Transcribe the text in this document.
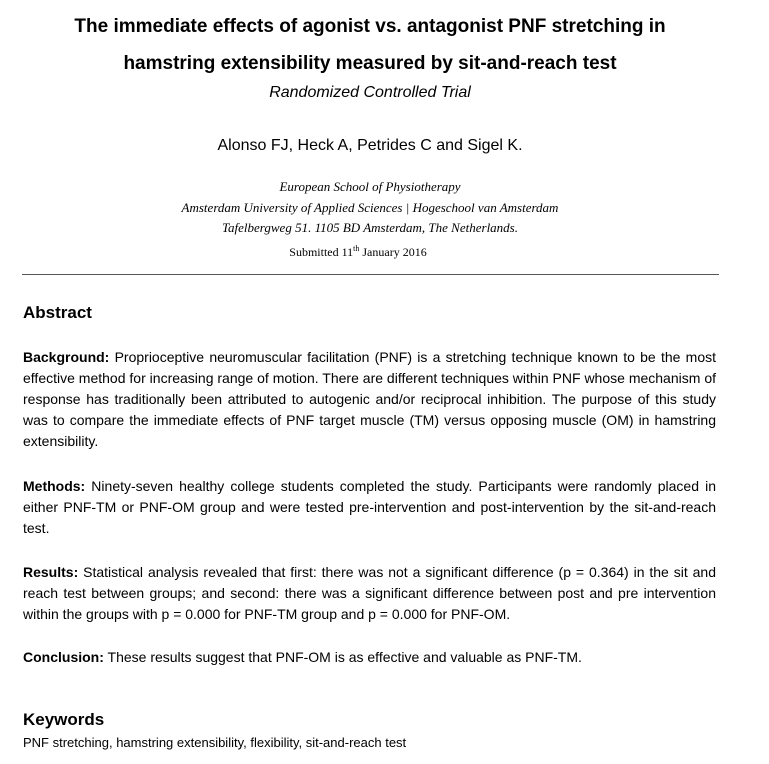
The immediate effects of agonist vs. antagonist PNF stretching in
hamstring extensibility measured by sit-and-reach test
Randomized Controlled Trial
Alonso FJ, Heck A, Petrides C and Sigel K.
European School of Physiotherapy
Amsterdam University of Applied Sciences | Hogeschool van Amsterdam
Tafelbergweg 51. 1105 BD Amsterdam, The Netherlands.
Submitted 11th January 2016
Abstract
Background: Proprioceptive neuromuscular facilitation (PNF) is a stretching technique known to be the most effective method for increasing range of motion. There are different techniques within PNF whose mechanism of response has traditionally been attributed to autogenic and/or reciprocal inhibition. The purpose of this study was to compare the immediate effects of PNF target muscle (TM) versus opposing muscle (OM) in hamstring extensibility.
Methods: Ninety-seven healthy college students completed the study. Participants were randomly placed in either PNF-TM or PNF-OM group and were tested pre-intervention and post-intervention by the sit-and-reach test.
Results: Statistical analysis revealed that first: there was not a significant difference (p = 0.364) in the sit and reach test between groups; and second: there was a significant difference between post and pre intervention within the groups with p = 0.000 for PNF-TM group and p = 0.000 for PNF-OM.
Conclusion: These results suggest that PNF-OM is as effective and valuable as PNF-TM.
Keywords
PNF stretching, hamstring extensibility, flexibility, sit-and-reach test
